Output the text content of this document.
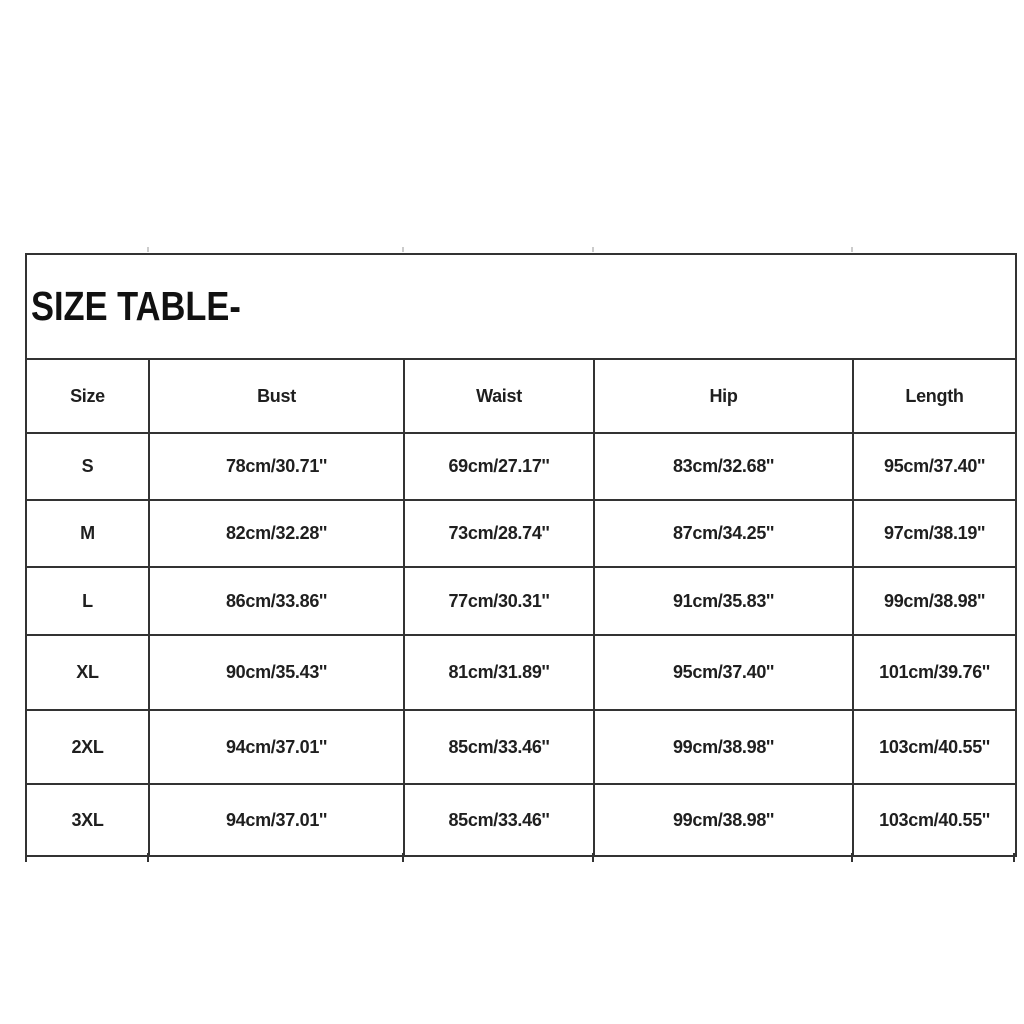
SIZE TABLE-				
Size	Bust	Waist	Hip	Length
S	78cm/30.71''	69cm/27.17''	83cm/32.68''	95cm/37.40''
M	82cm/32.28''	73cm/28.74''	87cm/34.25''	97cm/38.19''
L	86cm/33.86''	77cm/30.31''	91cm/35.83''	99cm/38.98''
XL	90cm/35.43''	81cm/31.89''	95cm/37.40''	101cm/39.76''
2XL	94cm/37.01''	85cm/33.46''	99cm/38.98''	103cm/40.55''
3XL	94cm/37.01''	85cm/33.46''	99cm/38.98''	103cm/40.55''
